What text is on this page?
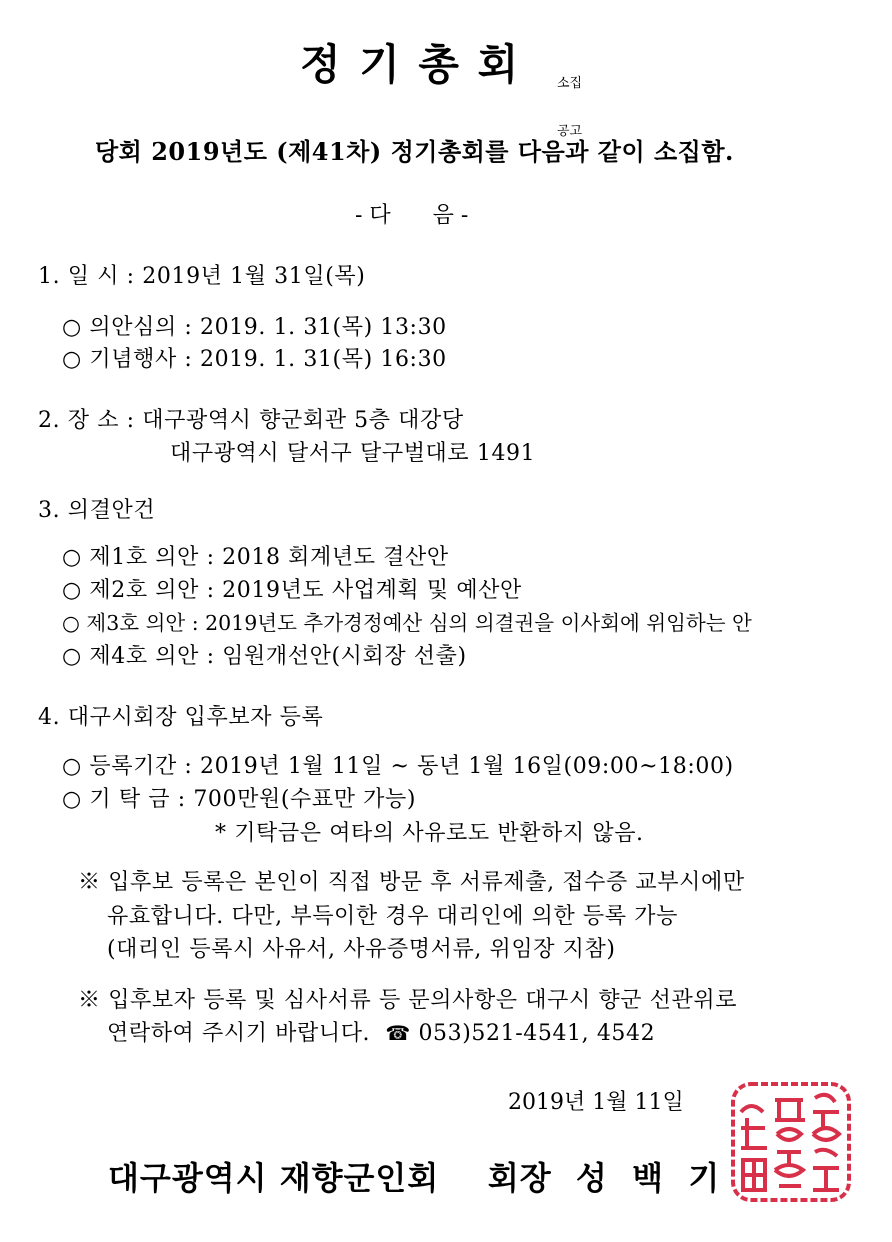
정 기 총 회

	소집

공고

당회 2019년도 (제41차) 정기총회를 다음과 같이 소집함.
- 다      음 -
1. 일 시 : 2019년 1월 31일(목)
○ 의안심의 : 2019. 1. 31(목) 13:30
○ 기념행사 : 2019. 1. 31(목) 16:30
2. 장 소 : 대구광역시 향군회관 5층 대강당
대구광역시 달서구 달구벌대로 1491
3. 의결안건
○ 제1호 의안 : 2018 회계년도 결산안
○ 제2호 의안 : 2019년도 사업계획 및 예산안
○ 제3호 의안 : 2019년도 추가경정예산 심의 의결권을 이사회에 위임하는 안
○ 제4호 의안 : 임원개선안(시회장 선출)
4. 대구시회장 입후보자 등록
○ 등록기간 : 2019년 1월 11일 ~ 동년 1월 16일(09:00~18:00)
○ 기 탁 금 : 700만원(수표만 가능)
* 기탁금은 여타의 사유로도 반환하지 않음.
※ 입후보 등록은 본인이 직접 방문 후 서류제출, 접수증 교부시에만
유효합니다. 다만, 부득이한 경우 대리인에 의한 등록 가능
(대리인 등록시 사유서, 사유증명서류, 위임장 지참)
※ 입후보자 등록 및 심사서류 등 문의사항은 대구시 향군 선관위로
연락하여 주시기 바랍니다. ☎ 053)521-4541, 4542
2019년 1월 11일
대구광역시 재향군인회 회장  성  백  기
